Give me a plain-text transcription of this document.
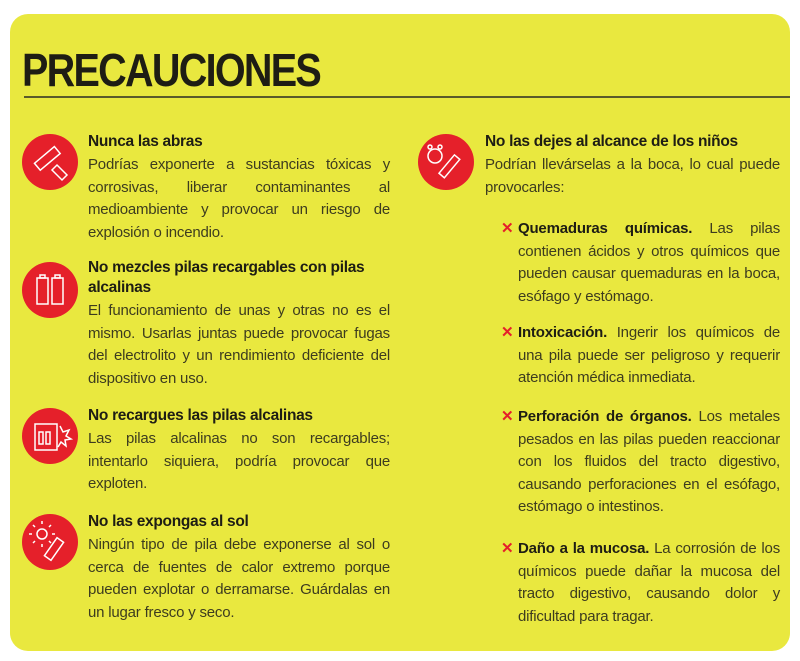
PRECAUCIONES
Nunca las abras

Podrías exponerte a sustancias tóxicas y corrosivas, liberar contaminantes al medioambiente y provocar un riesgo de explosión o incendio.

No mezcles pilas recargables con pilas alcalinas

El funcionamiento de unas y otras no es el mismo. Usarlas juntas puede provocar fugas del electrolito y un rendimiento deficiente del dispositivo en uso.

No recargues las pilas alcalinas

Las pilas alcalinas no son recargables; intentarlo siquiera, podría provocar que exploten.

No las expongas al sol

Ningún tipo de pila debe exponerse al sol o cerca de fuentes de calor extremo porque pueden explotar o derramarse. Guárdalas en un lugar fresco y seco.

No las dejes al alcance de los niños

Podrían llevárselas a la boca, lo cual puede provocarles:

✕ Quemaduras químicas. Las pilas contienen ácidos y otros químicos que pueden causar quemaduras en la boca, esófago y estómago.
✕ Intoxicación. Ingerir los químicos de una pila puede ser peligroso y requerir atención médica inmediata.
✕ Perforación de órganos. Los metales pesados en las pilas pueden reaccionar con los fluidos del tracto digestivo, causando perforaciones en el esófago, estómago o intestinos.
✕ Daño a la mucosa. La corrosión de los químicos puede dañar la mucosa del tracto digestivo, causando dolor y dificultad para tragar.
